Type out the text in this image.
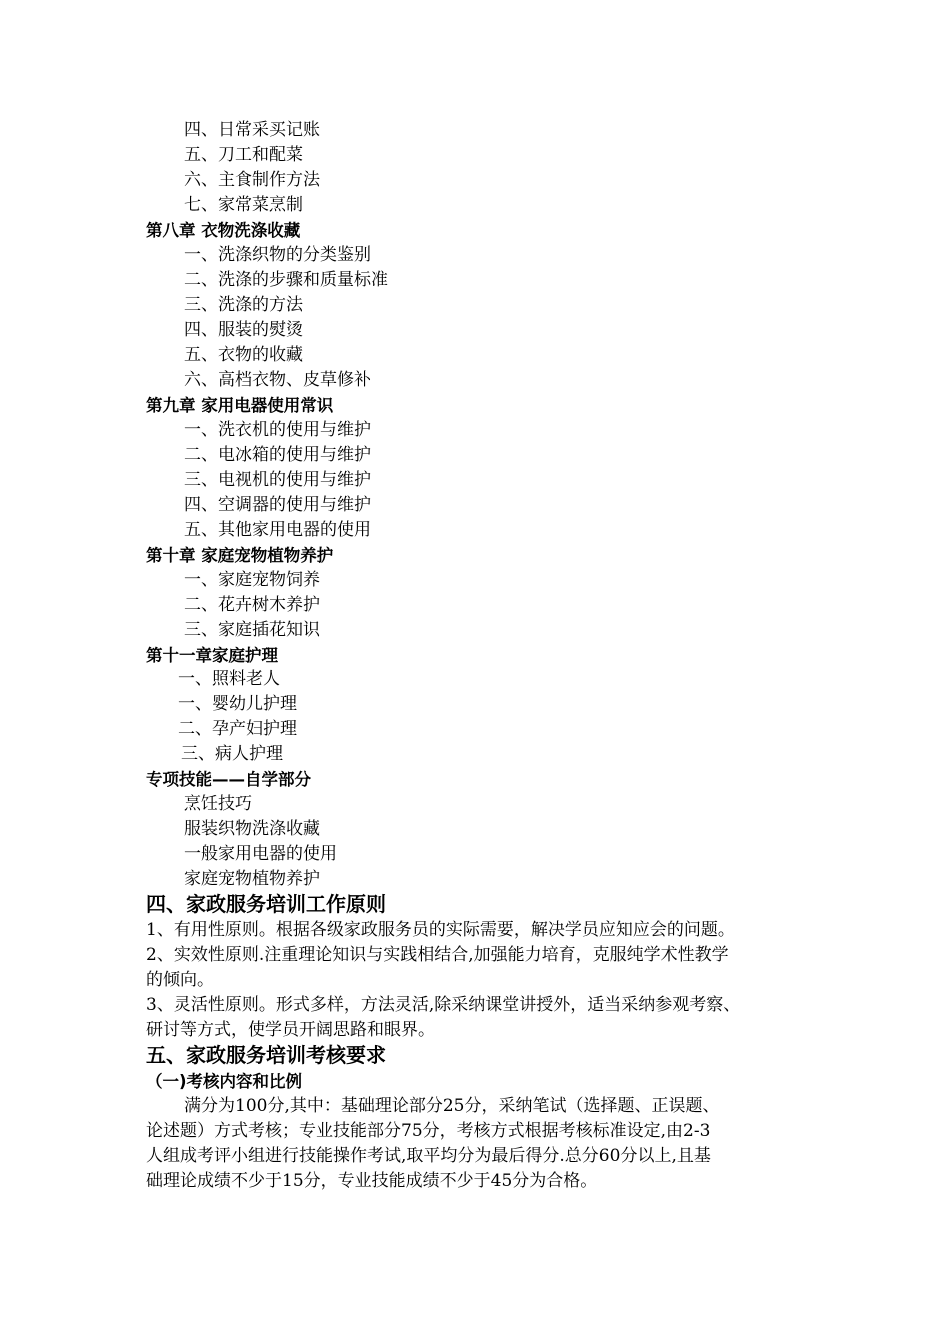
四、日常采买记账
五、刀工和配菜
六、主食制作方法
七、家常菜烹制
第八章 衣物洗涤收藏
一、洗涤织物的分类鉴别
二、洗涤的步骤和质量标准
三、洗涤的方法
四、服装的熨烫
五、衣物的收藏
六、高档衣物、皮草修补
第九章 家用电器使用常识
一、洗衣机的使用与维护
二、电冰箱的使用与维护
三、电视机的使用与维护
四、空调器的使用与维护
五、其他家用电器的使用
第十章 家庭宠物植物养护
一、家庭宠物饲养
二、花卉树木养护
三、家庭插花知识
第十一章家庭护理
一、照料老人
一、婴幼儿护理
二、孕产妇护理
三、病人护理
专项技能——自学部分
烹饪技巧
服装织物洗涤收藏
一般家用电器的使用
家庭宠物植物养护
四、家政服务培训工作原则
1、有用性原则。根据各级家政服务员的实际需要，解决学员应知应会的问题。
2、实效性原则.注重理论知识与实践相结合,加强能力培育，克服纯学术性教学
的倾向。
3、灵活性原则。形式多样，方法灵活,除采纳课堂讲授外，适当采纳参观考察、
研讨等方式，使学员开阔思路和眼界。
五、家政服务培训考核要求
（一)考核内容和比例
满分为100分,其中：基础理论部分25分，采纳笔试（选择题、正误题、
论述题）方式考核；专业技能部分75分，考核方式根据考核标准设定,由2-3
人组成考评小组进行技能操作考试,取平均分为最后得分.总分60分以上,且基
础理论成绩不少于15分，专业技能成绩不少于45分为合格。
